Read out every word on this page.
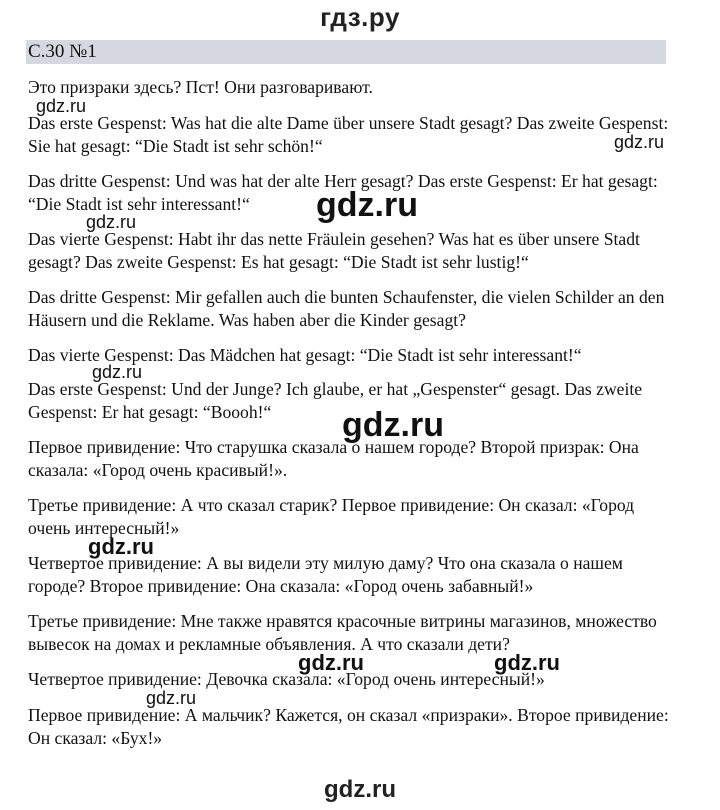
гдз.ру
С.30 №1

Это призраки здесь? Пст! Они разговаривают.

Das erste Gespenst: Was hat die alte Dame über unsere Stadt gesagt? Das zweite Gespenst: Sie hat gesagt: “Die Stadt ist sehr schön!“

Das dritte Gespenst: Und was hat der alte Herr gesagt? Das erste Gespenst: Er hat gesagt: “Die Stadt ist sehr interessant!“

Das vierte Gespenst: Habt ihr das nette Fräulein gesehen? Was hat es über unsere Stadt gesagt? Das zweite Gespenst: Es hat gesagt: “Die Stadt ist sehr lustig!“

Das dritte Gespenst: Mir gefallen auch die bunten Schaufenster, die vielen Schilder an den Häusern und die Reklame. Was haben aber die Kinder gesagt?

Das vierte Gespenst: Das Mädchen hat gesagt: “Die Stadt ist sehr interessant!“

Das erste Gespenst: Und der Junge? Ich glaube, er hat „Gespenster“ gesagt. Das zweite Gespenst: Er hat gesagt: “Boooh!“

Первое привидение: Что старушка сказала о нашем городе? Второй призрак: Она сказала: «Город очень красивый!».

Третье привидение: А что сказал старик? Первое привидение: Он сказал: «Город очень интересный!»

Четвертое привидение: А вы видели эту милую даму? Что она сказала о нашем городе? Второе привидение: Она сказала: «Город очень забавный!»

Третье привидение: Мне также нравятся красочные витрины магазинов, множество вывесок на домах и рекламные объявления. А что сказали дети?

Четвертое привидение: Девочка сказала: «Город очень интересный!»

Первое привидение: А мальчик? Кажется, он сказал «призраки». Второе привидение: Он сказал: «Бух!»

gdz.ru
gdz.ru
gdz.ru	gdz.ru
gdz.ru
gdz.ru
gdz.ru
gdz.ru	gdz.ru
gdz.ru
gdz.ru
